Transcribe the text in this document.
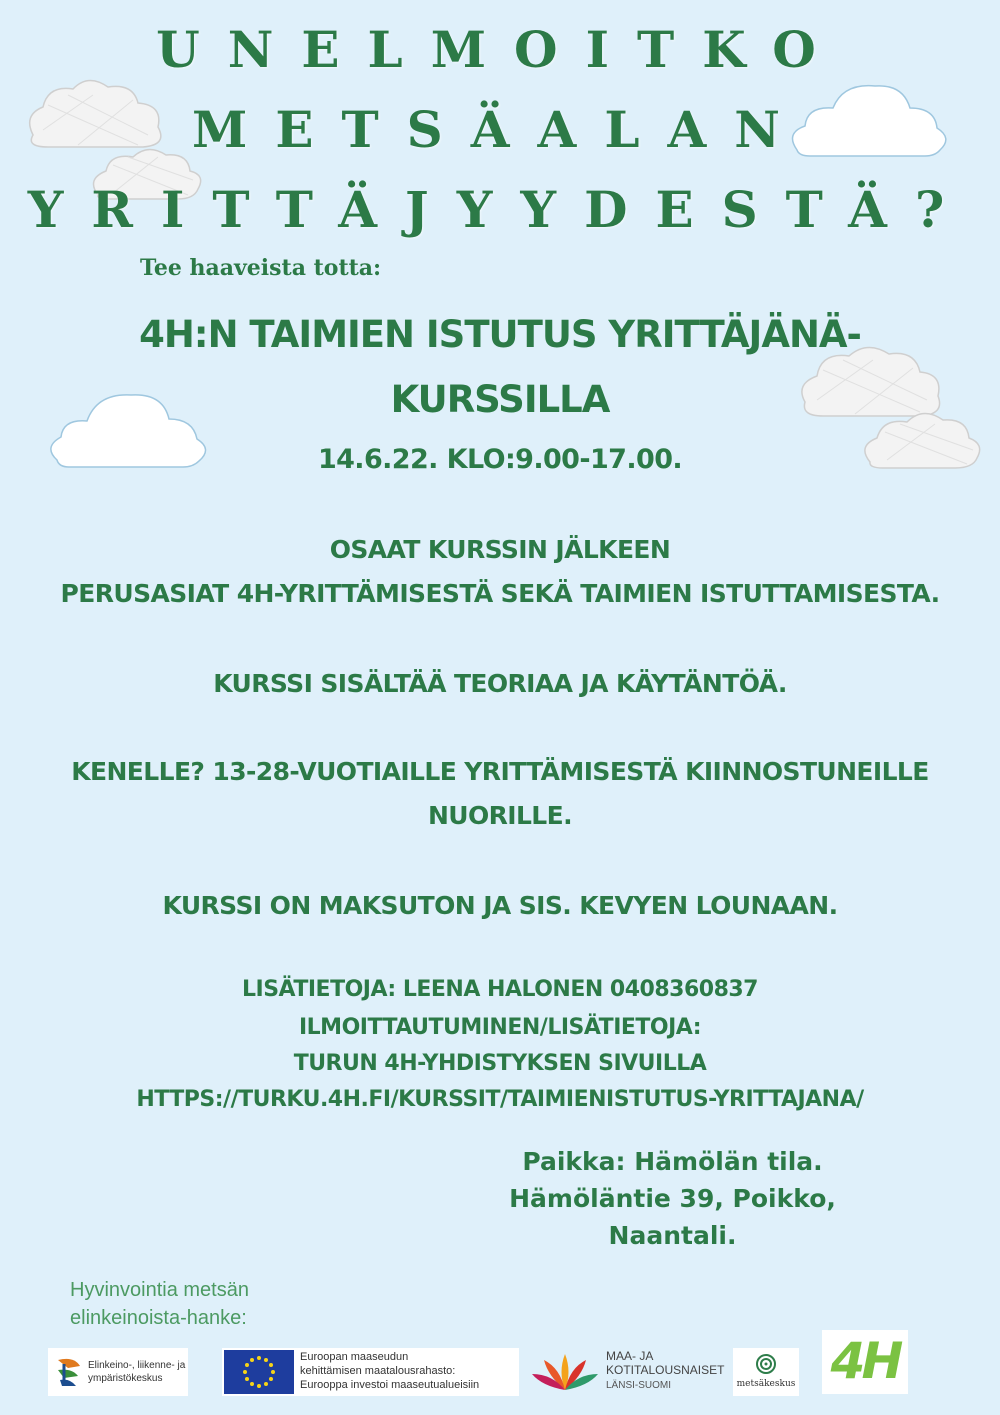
UNELMOITKO
METSÄALAN
YRITTÄJYYDESTÄ?
Tee haaveista totta:
4H:N TAIMIEN ISTUTUS YRITTÄJÄNÄ-
KURSSILLA
14.6.22. KLO:9.00-17.00.
OSAAT KURSSIN JÄLKEEN
PERUSASIAT 4H-YRITTÄMISESTÄ SEKÄ TAIMIEN ISTUTTAMISESTA.
KURSSI SISÄLTÄÄ TEORIAA JA KÄYTÄNTÖÄ.
KENELLE? 13-28-VUOTIAILLE YRITTÄMISESTÄ KIINNOSTUNEILLE
NUORILLE.
KURSSI ON MAKSUTON JA SIS. KEVYEN LOUNAAN.
LISÄTIETOJA: LEENA HALONEN 0408360837
ILMOITTAUTUMINEN/LISÄTIETOJA:
TURUN 4H-YHDISTYKSEN SIVUILLA
HTTPS://TURKU.4H.FI/KURSSIT/TAIMIENISTUTUS-YRITTAJANA/
Paikka: Hämölän tila.
Hämöläntie 39, Poikko,
Naantali.
Hyvinvointia metsän
elinkeinoista-hanke:
Elinkeino-, liikenne- ja
ympäristökeskus
Euroopan maaseudun
kehittämisen maatalousrahasto:
Eurooppa investoi maaseutualueisiin
MAA- JA
KOTITALOUSNAISET
LÄNSI-SUOMI	metsäkeskus 4H
